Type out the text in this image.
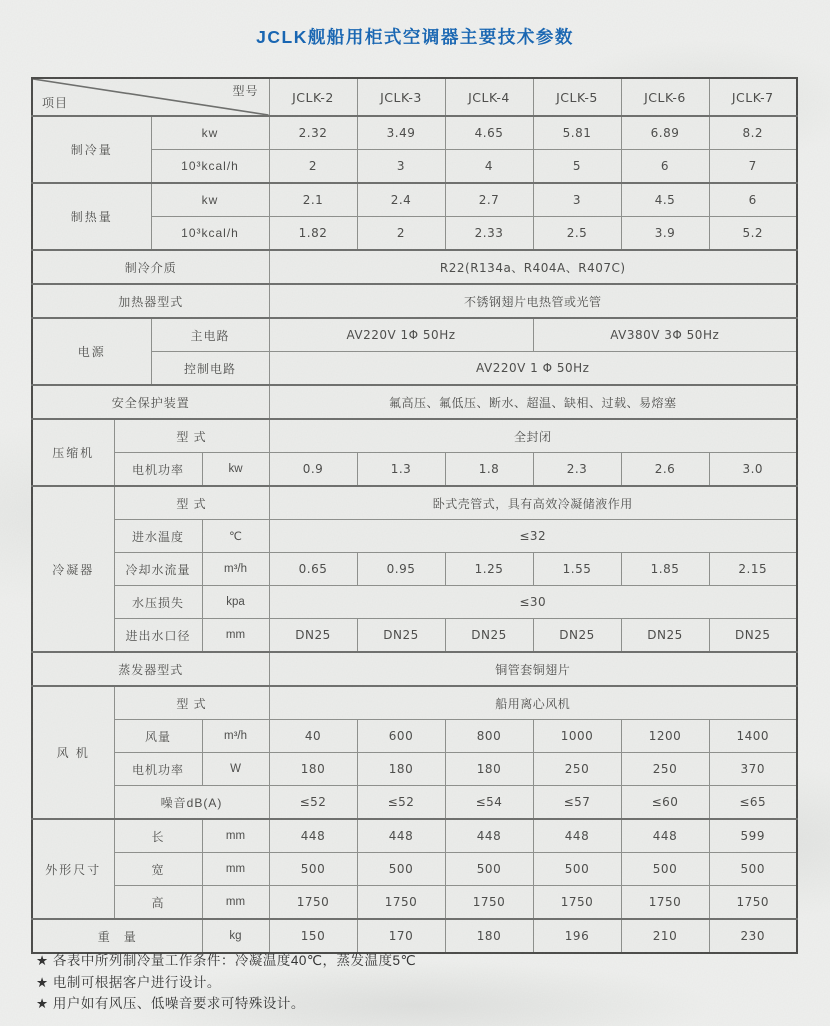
JCLK舰船用柜式空调器主要技术参数
项目
型号				JCLK-2	JCLK-3	JCLK-4	JCLK-5	JCLK-6	JCLK-7
制冷量		kw		2.32	3.49	4.65	5.81	6.89	8.2
		10³kcal/h		2	3	4	5	6	7
制热量		kw		2.1	2.4	2.7	3	4.5	6
		10³kcal/h		1.82	2	2.33	2.5	3.9	5.2
制冷介质				R22(R134a、R404A、R407C)					
加热器型式				不锈钢翅片电热管或光管					
电源		主电路		AV220V 1Φ 50Hz			AV380V 3Φ 50Hz		
		控制电路		AV220V 1 Φ 50Hz					
安全保护装置				氟高压、氟低压、断水、超温、缺相、过载、易熔塞					
压缩机	型 式			全封闭					
	电机功率		kw	0.9	1.3	1.8	2.3	2.6	3.0
冷凝器	型 式			卧式壳管式，具有高效冷凝储液作用					
	进水温度		℃	≤32					
	冷却水流量		m³/h	0.65	0.95	1.25	1.55	1.85	2.15
	水压损失		kpa	≤30					
	进出水口径		mm	DN25	DN25	DN25	DN25	DN25	DN25
蒸发器型式				铜管套铜翅片					
风 机	型 式			船用离心风机					
	风量		m³/h	40	600	800	1000	1200	1400
	电机功率		W	180	180	180	250	250	370
	噪音dB(A)			≤52	≤52	≤54	≤57	≤60	≤65
外形尺寸	长		mm	448	448	448	448	448	599
	宽		mm	500	500	500	500	500	500
	高		mm	1750	1750	1750	1750	1750	1750
重　量			kg	150	170	180	196	210	230
★ 各表中所列制冷量工作条件：冷凝温度40℃，蒸发温度5℃
★ 电制可根据客户进行设计。
★ 用户如有风压、低噪音要求可特殊设计。
